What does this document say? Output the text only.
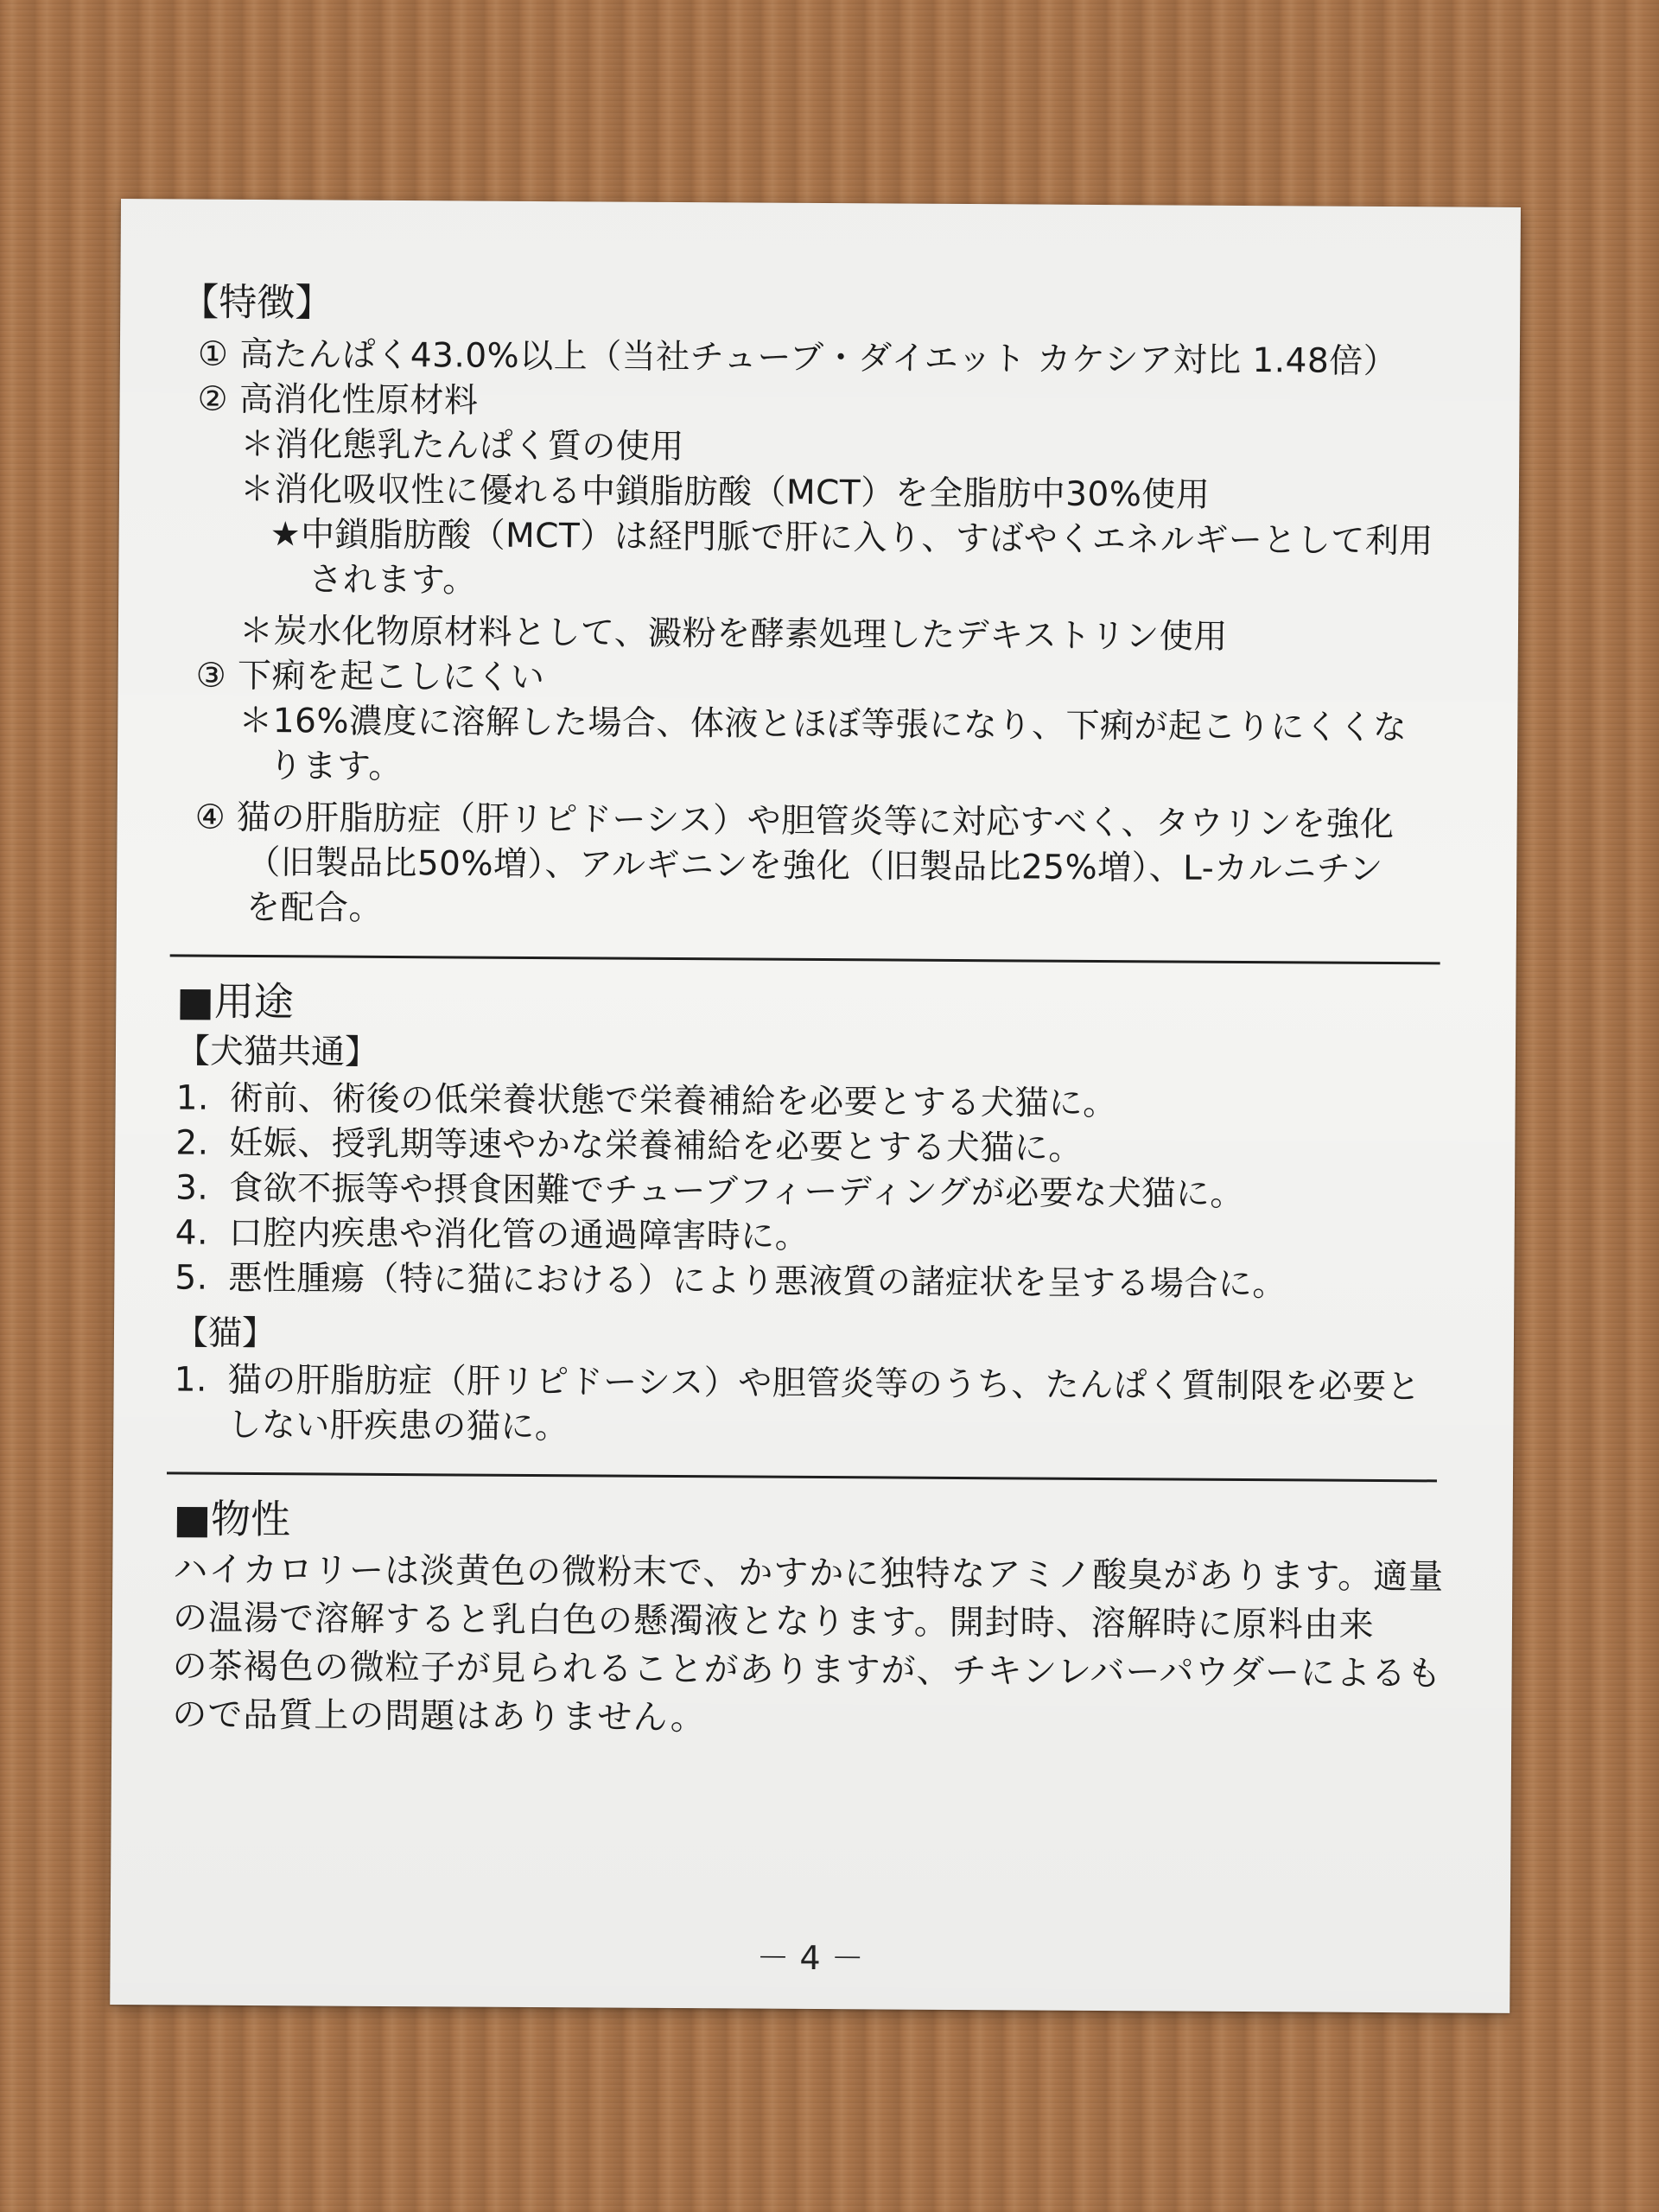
【特徴】
① 高たんぱく43.0%以上（当社チューブ・ダイエット カケシア対比 1.48倍）
② 高消化性原材料
＊消化態乳たんぱく質の使用
＊消化吸収性に優れる中鎖脂肪酸（MCT）を全脂肪中30%使用
★中鎖脂肪酸（MCT）は経門脈で肝に入り、すばやくエネルギーとして利用
されます。
＊炭水化物原材料として、澱粉を酵素処理したデキストリン使用
③ 下痢を起こしにくい
＊16%濃度に溶解した場合、体液とほぼ等張になり、下痢が起こりにくくな
ります。
④ 猫の肝脂肪症（肝リピドーシス）や胆管炎等に対応すべく、タウリンを強化
（旧製品比50%増）、アルギニンを強化（旧製品比25%増）、L-カルニチン
を配合。
■用途
【犬猫共通】
1. 術前、術後の低栄養状態で栄養補給を必要とする犬猫に。
2. 妊娠、授乳期等速やかな栄養補給を必要とする犬猫に。
3. 食欲不振等や摂食困難でチューブフィーディングが必要な犬猫に。
4. 口腔内疾患や消化管の通過障害時に。
5. 悪性腫瘍（特に猫における）により悪液質の諸症状を呈する場合に。
【猫】
1. 猫の肝脂肪症（肝リピドーシス）や胆管炎等のうち、たんぱく質制限を必要と
しない肝疾患の猫に。
■物性
ハイカロリーは淡黄色の微粉末で、かすかに独特なアミノ酸臭があります。適量
の温湯で溶解すると乳白色の懸濁液となります。開封時、溶解時に原料由来
の茶褐色の微粒子が見られることがありますが、チキンレバーパウダーによるも
ので品質上の問題はありません。
－ 4 －
